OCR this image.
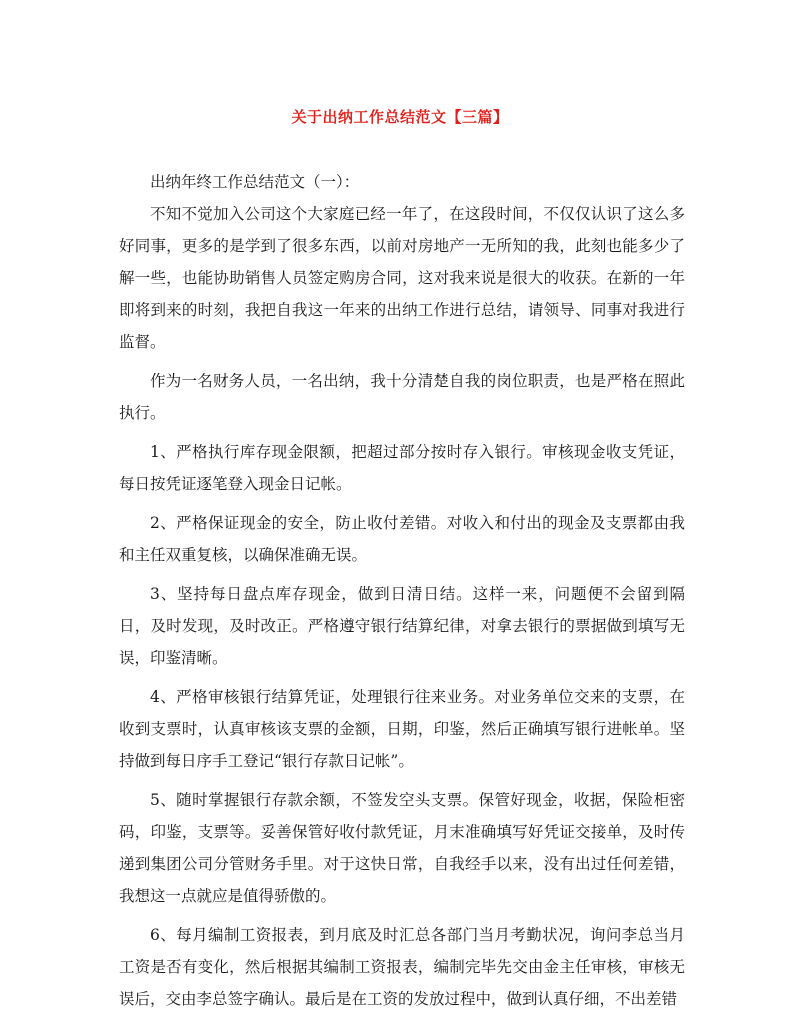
关于出纳工作总结范文【三篇】

出纳年终工作总结范文（一）：

不知不觉加入公司这个大家庭已经一年了，在这段时间，不仅仅认识了这么多好同事，更多的是学到了很多东西，以前对房地产一无所知的我，此刻也能多少了解一些，也能协助销售人员签定购房合同，这对我来说是很大的收获。在新的一年即将到来的时刻，我把自我这一年来的出纳工作进行总结，请领导、同事对我进行监督。

作为一名财务人员，一名出纳，我十分清楚自我的岗位职责，也是严格在照此执行。

1、严格执行库存现金限额，把超过部分按时存入银行。审核现金收支凭证，每日按凭证逐笔登入现金日记帐。

2、严格保证现金的安全，防止收付差错。对收入和付出的现金及支票都由我和主任双重复核，以确保准确无误。

3、坚持每日盘点库存现金，做到日清日结。这样一来，问题便不会留到隔日，及时发现，及时改正。严格遵守银行结算纪律，对拿去银行的票据做到填写无误，印鉴清晰。

4、严格审核银行结算凭证，处理银行往来业务。对业务单位交来的支票，在收到支票时，认真审核该支票的金额，日期，印鉴，然后正确填写银行进帐单。坚持做到每日序手工登记“银行存款日记帐”。

5、随时掌握银行存款余额，不签发空头支票。保管好现金，收据，保险柜密码，印鉴，支票等。妥善保管好收付款凭证，月末准确填写好凭证交接单，及时传递到集团公司分管财务手里。对于这快日常，自我经手以来，没有出过任何差错，我想这一点就应是值得骄傲的。

6、每月编制工资报表，到月底及时汇总各部门当月考勤状况，询问李总当月工资是否有变化，然后根据其编制工资报表，编制完毕先交由金主任审核，审核无误后，交由李总签字确认。最后是在工资的发放过程中，做到认真仔细，不出差错
